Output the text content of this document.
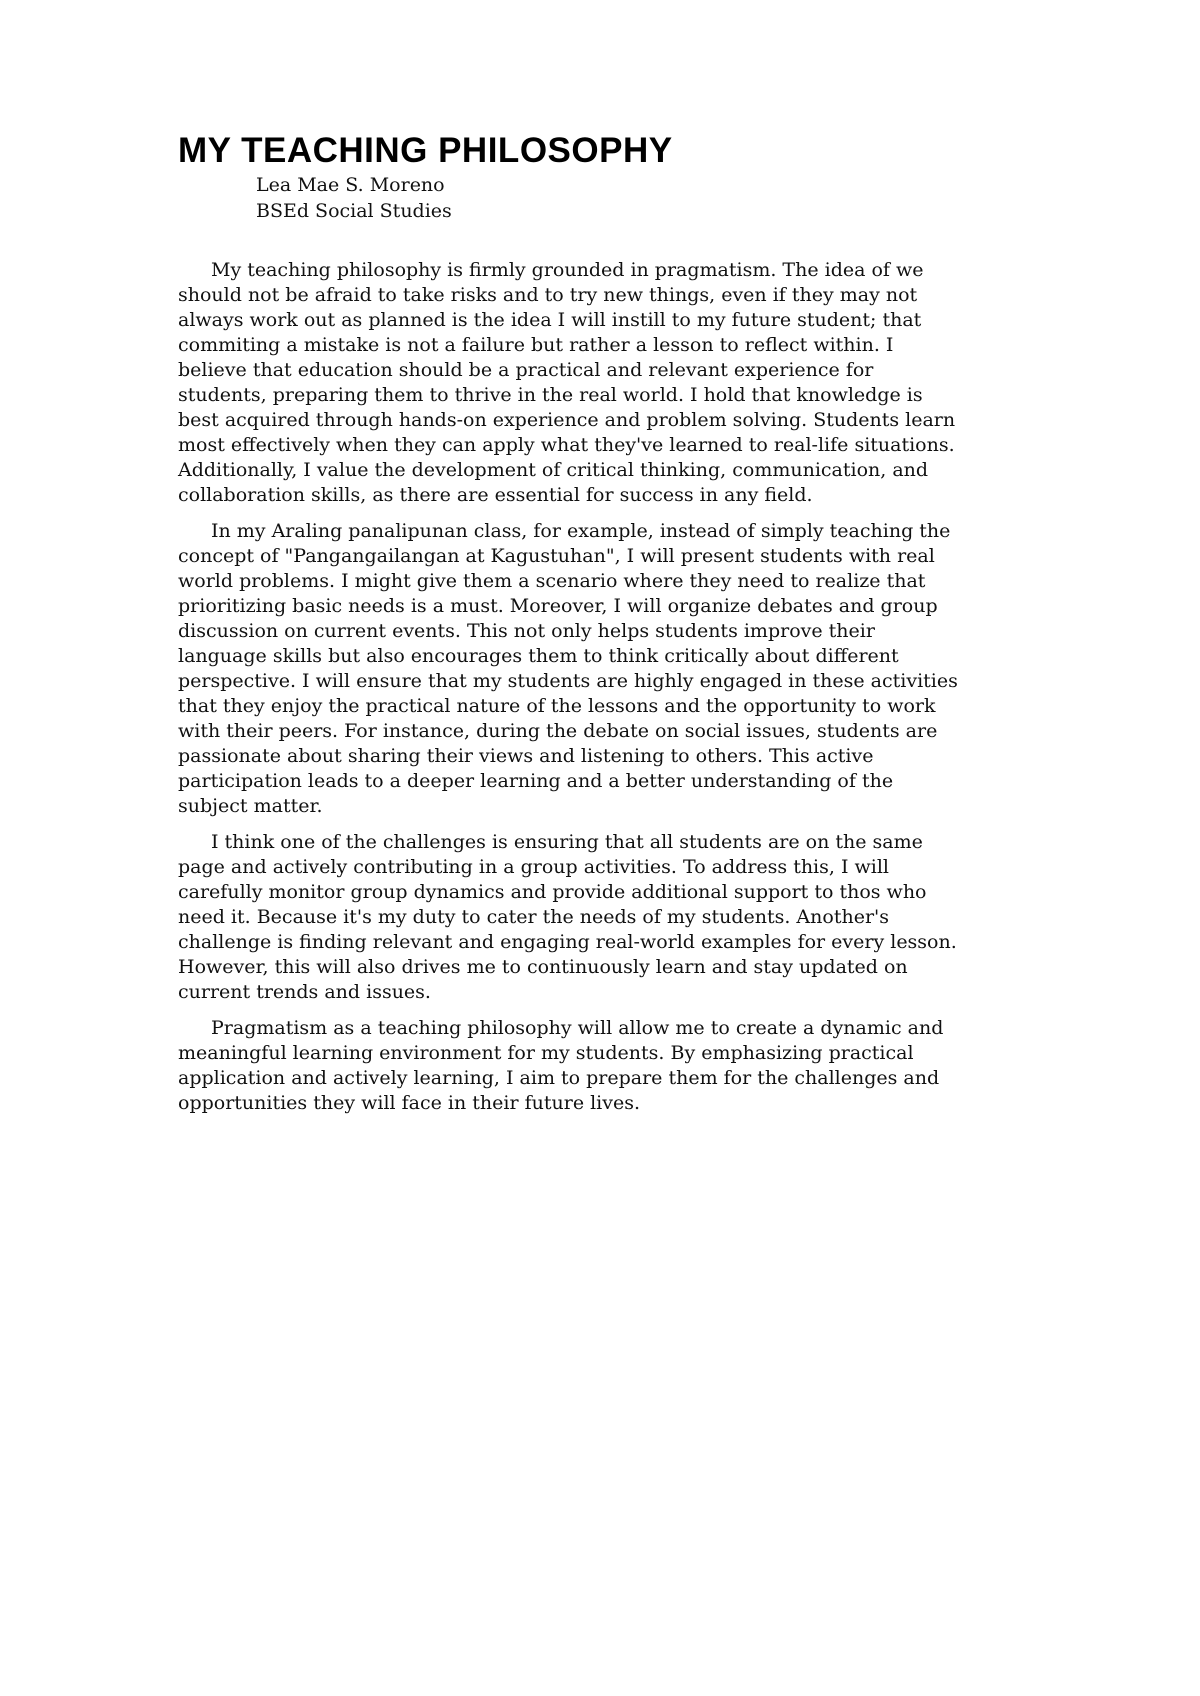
MY TEACHING PHILOSOPHY
Lea Mae S. Moreno
BSEd Social Studies

My teaching philosophy is firmly grounded in pragmatism. The idea of we should not be afraid to take risks and to try new things, even if they may not always work out as planned is the idea I will instill to my future student; that commiting a mistake is not a failure but rather a lesson to reflect within. I believe that education should be a practical and relevant experience for students, preparing them to thrive in the real world. I hold that knowledge is best acquired through hands-on experience and problem solving. Students learn most effectively when they can apply what they've learned to real-life situations. Additionally, I value the development of critical thinking, communication, and collaboration skills, as there are essential for success in any field.

In my Araling panalipunan class, for example, instead of simply teaching the concept of "Pangangailangan at Kagustuhan", I will present students with real world problems. I might give them a scenario where they need to realize that prioritizing basic needs is a must. Moreover, I will organize debates and group discussion on current events. This not only helps students improve their language skills but also encourages them to think critically about different perspective. I will ensure that my students are highly engaged in these activities that they enjoy the practical nature of the lessons and the opportunity to work with their peers. For instance, during the debate on social issues, students are passionate about sharing their views and listening to others. This active participation leads to a deeper learning and a better understanding of the subject matter.

I think one of the challenges is ensuring that all students are on the same page and actively contributing in a group activities. To address this, I will carefully monitor group dynamics and provide additional support to thos who need it. Because it's my duty to cater the needs of my students. Another's challenge is finding relevant and engaging real-world examples for every lesson. However, this will also drives me to continuously learn and stay updated on current trends and issues.

Pragmatism as a teaching philosophy will allow me to create a dynamic and meaningful learning environment for my students. By emphasizing practical application and actively learning, I aim to prepare them for the challenges and opportunities they will face in their future lives.
